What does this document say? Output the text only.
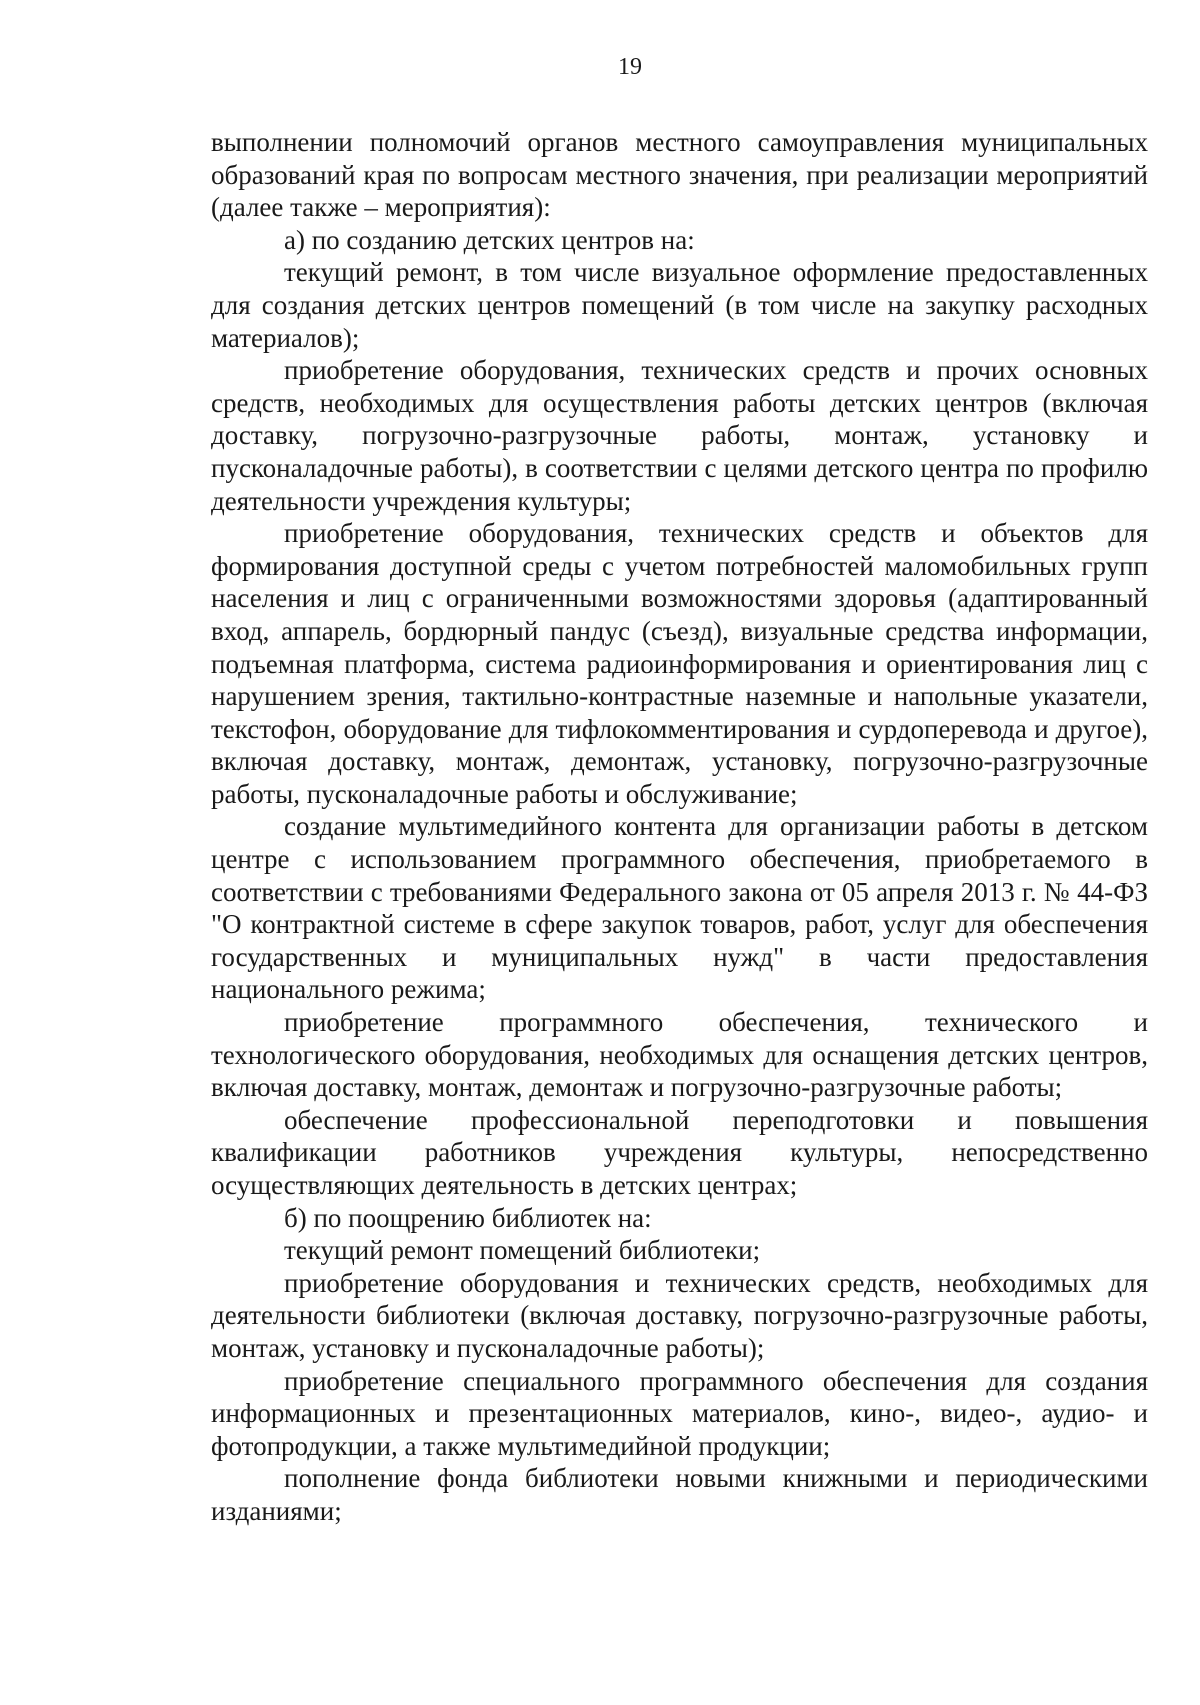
19

выполнении полномочий органов местного самоуправления муниципальных образований края по вопросам местного значения, при реализации мероприятий (далее также – мероприятия):

а) по созданию детских центров на:

текущий ремонт, в том числе визуальное оформление предоставленных для создания детских центров помещений (в том числе на закупку расходных материалов);

приобретение оборудования, технических средств и прочих основных средств, необходимых для осуществления работы детских центров (включая доставку, погрузочно-разгрузочные работы, монтаж, установку и пусконаладочные работы), в соответствии с целями детского центра по профилю деятельности учреждения культуры;

приобретение оборудования, технических средств и объектов для формирования доступной среды с учетом потребностей маломобильных групп населения и лиц с ограниченными возможностями здоровья (адаптированный вход, аппарель, бордюрный пандус (съезд), визуальные средства информации, подъемная платформа, система радиоинформирования и ориентирования лиц с нарушением зрения, тактильно-контрастные наземные и напольные указатели, текстофон, оборудование для тифлокомментирования и сурдоперевода и другое), включая доставку, монтаж, демонтаж, установку, погрузочно-разгрузочные работы, пусконаладочные работы и обслуживание;

создание мультимедийного контента для организации работы в детском центре с использованием программного обеспечения, приобретаемого в соответствии с требованиями Федерального закона от 05 апреля 2013 г. № 44-ФЗ "О контрактной системе в сфере закупок товаров, работ, услуг для обеспечения государственных и муниципальных нужд" в части предоставления национального режима;

приобретение программного обеспечения, технического и технологического оборудования, необходимых для оснащения детских центров, включая доставку, монтаж, демонтаж и погрузочно-разгрузочные работы;

обеспечение профессиональной переподготовки и повышения квалификации работников учреждения культуры, непосредственно осуществляющих деятельность в детских центрах;

б) по поощрению библиотек на:

текущий ремонт помещений библиотеки;

приобретение оборудования и технических средств, необходимых для деятельности библиотеки (включая доставку, погрузочно-разгрузочные работы, монтаж, установку и пусконаладочные работы);

приобретение специального программного обеспечения для создания информационных и презентационных материалов, кино-, видео-, аудио- и фотопродукции, а также мультимедийной продукции;

пополнение фонда библиотеки новыми книжными и периодическими изданиями;
